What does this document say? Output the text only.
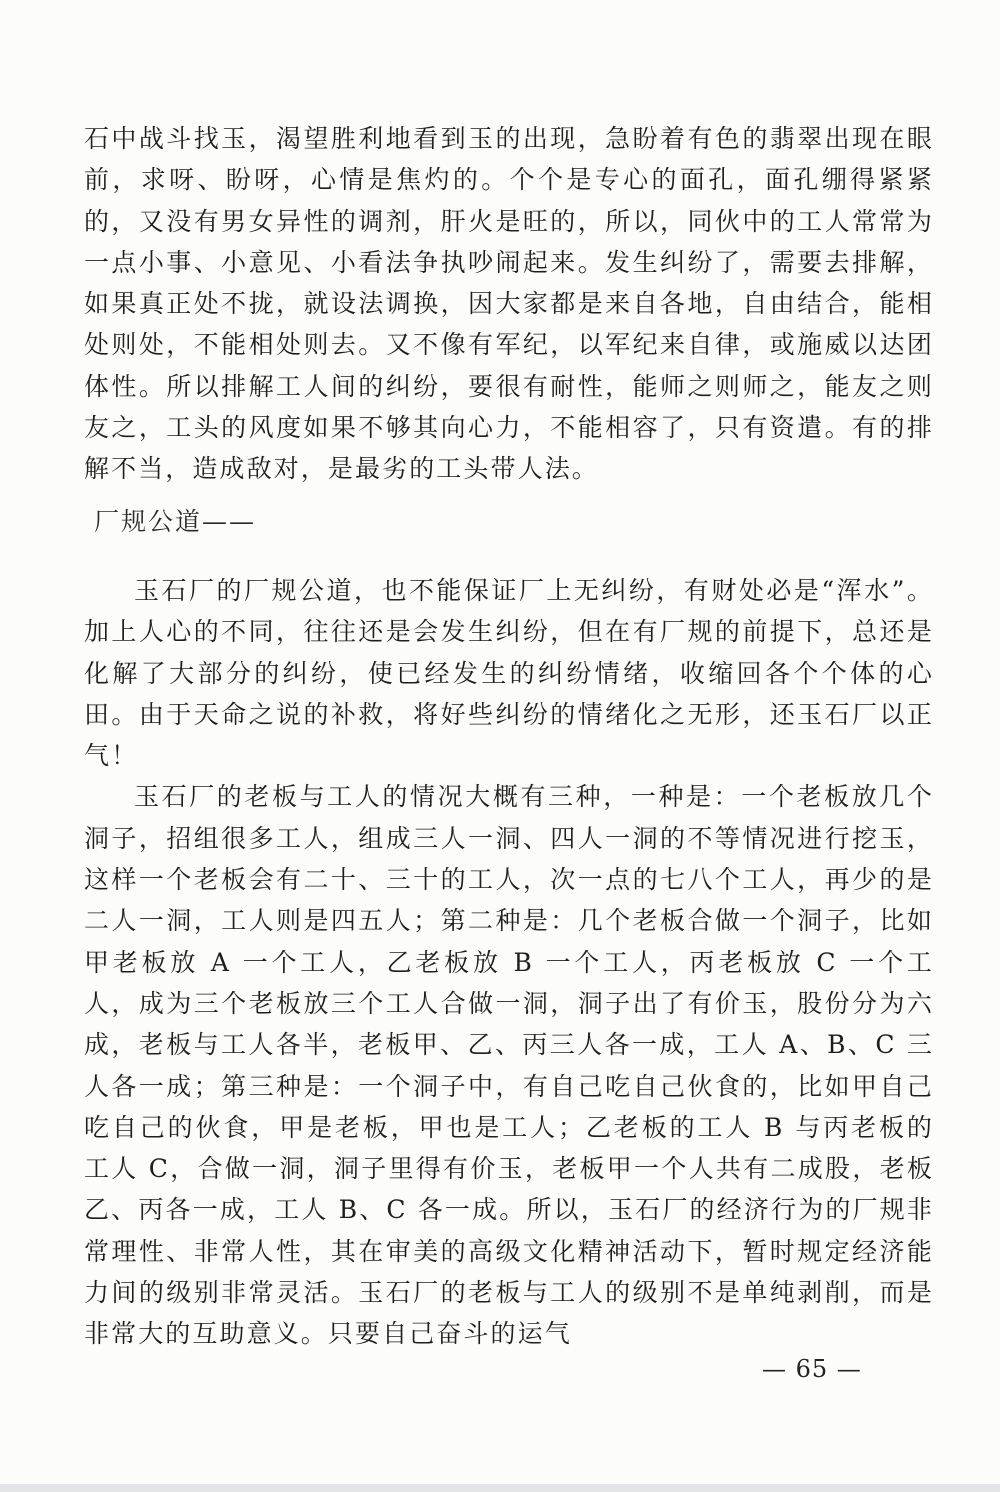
石中战斗找玉，渴望胜利地看到玉的出现，急盼着有色的翡翠出现在眼前，求呀、盼呀，心情是焦灼的。个个是专心的面孔，面孔绷得紧紧的，又没有男女异性的调剂，肝火是旺的，所以，同伙中的工人常常为一点小事、小意见、小看法争执吵闹起来。发生纠纷了，需要去排解，如果真正处不拢，就设法调换，因大家都是来自各地，自由结合，能相处则处，不能相处则去。又不像有军纪，以军纪来自律，或施威以达团体性。所以排解工人间的纠纷，要很有耐性，能师之则师之，能友之则友之，工头的风度如果不够其向心力，不能相容了，只有资遣。有的排解不当，造成敌对，是最劣的工头带人法。

厂规公道——

玉石厂的厂规公道，也不能保证厂上无纠纷，有财处必是“浑水”。加上人心的不同，往往还是会发生纠纷，但在有厂规的前提下，总还是化解了大部分的纠纷，使已经发生的纠纷情绪，收缩回各个个体的心田。由于天命之说的补救，将好些纠纷的情绪化之无形，还玉石厂以正气！

玉石厂的老板与工人的情况大概有三种，一种是：一个老板放几个洞子，招组很多工人，组成三人一洞、四人一洞的不等情况进行挖玉，这样一个老板会有二十、三十的工人，次一点的七八个工人，再少的是二人一洞，工人则是四五人；第二种是：几个老板合做一个洞子，比如甲老板放 A 一个工人，乙老板放 B 一个工人，丙老板放 C 一个工人，成为三个老板放三个工人合做一洞，洞子出了有价玉，股份分为六成，老板与工人各半，老板甲、乙、丙三人各一成，工人 A、B、C 三人各一成；第三种是：一个洞子中，有自己吃自己伙食的，比如甲自己吃自己的伙食，甲是老板，甲也是工人；乙老板的工人 B 与丙老板的工人 C，合做一洞，洞子里得有价玉，老板甲一个人共有二成股，老板乙、丙各一成，工人 B、C 各一成。所以，玉石厂的经济行为的厂规非常理性、非常人性，其在审美的高级文化精神活动下，暂时规定经济能力间的级别非常灵活。玉石厂的老板与工人的级别不是单纯剥削，而是非常大的互助意义。只要自己奋斗的运气

— 65 —
